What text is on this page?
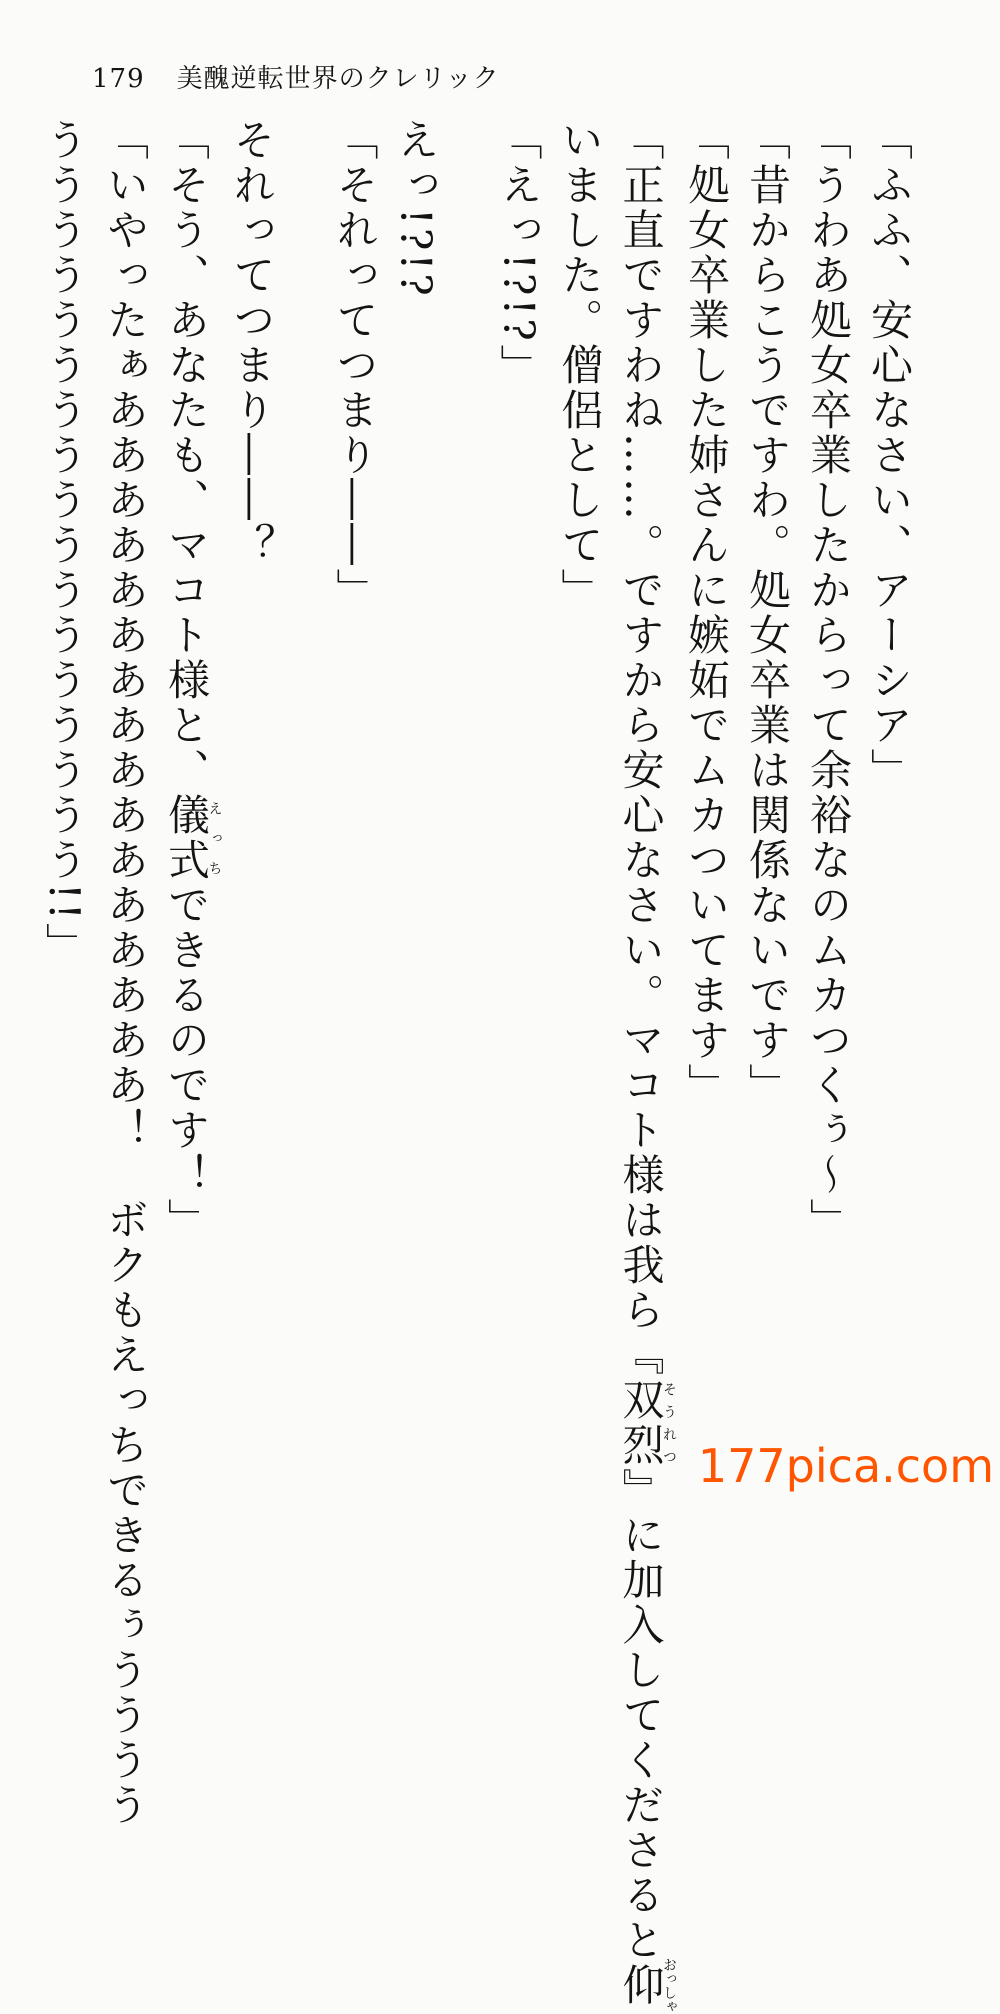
179 美醜逆転世界のクレリック
「ふふ、安心なさい、アーシア」
「うわあ処女卒業したからって余裕なのムカつくぅ～」
「昔からこうですわ。処女卒業は関係ないです」
「処女卒業した姉さんに嫉妬でムカついてます」
「正直ですわね……。ですから安心なさい。マコト様は我ら『双烈そうれつ』に加入してくださると仰おっしゃ
いました。僧侶として」
「えっ!?!?」
えっ!?!?
「それってつまり――」
それってつまり――？
「そう、あなたも、マコト様と、儀式えっちできるのです！」
「いやったぁああああああああああああああああ！　ボクもえっちできるぅうううう
ううううううううううううううううう!!」
177pica.com
